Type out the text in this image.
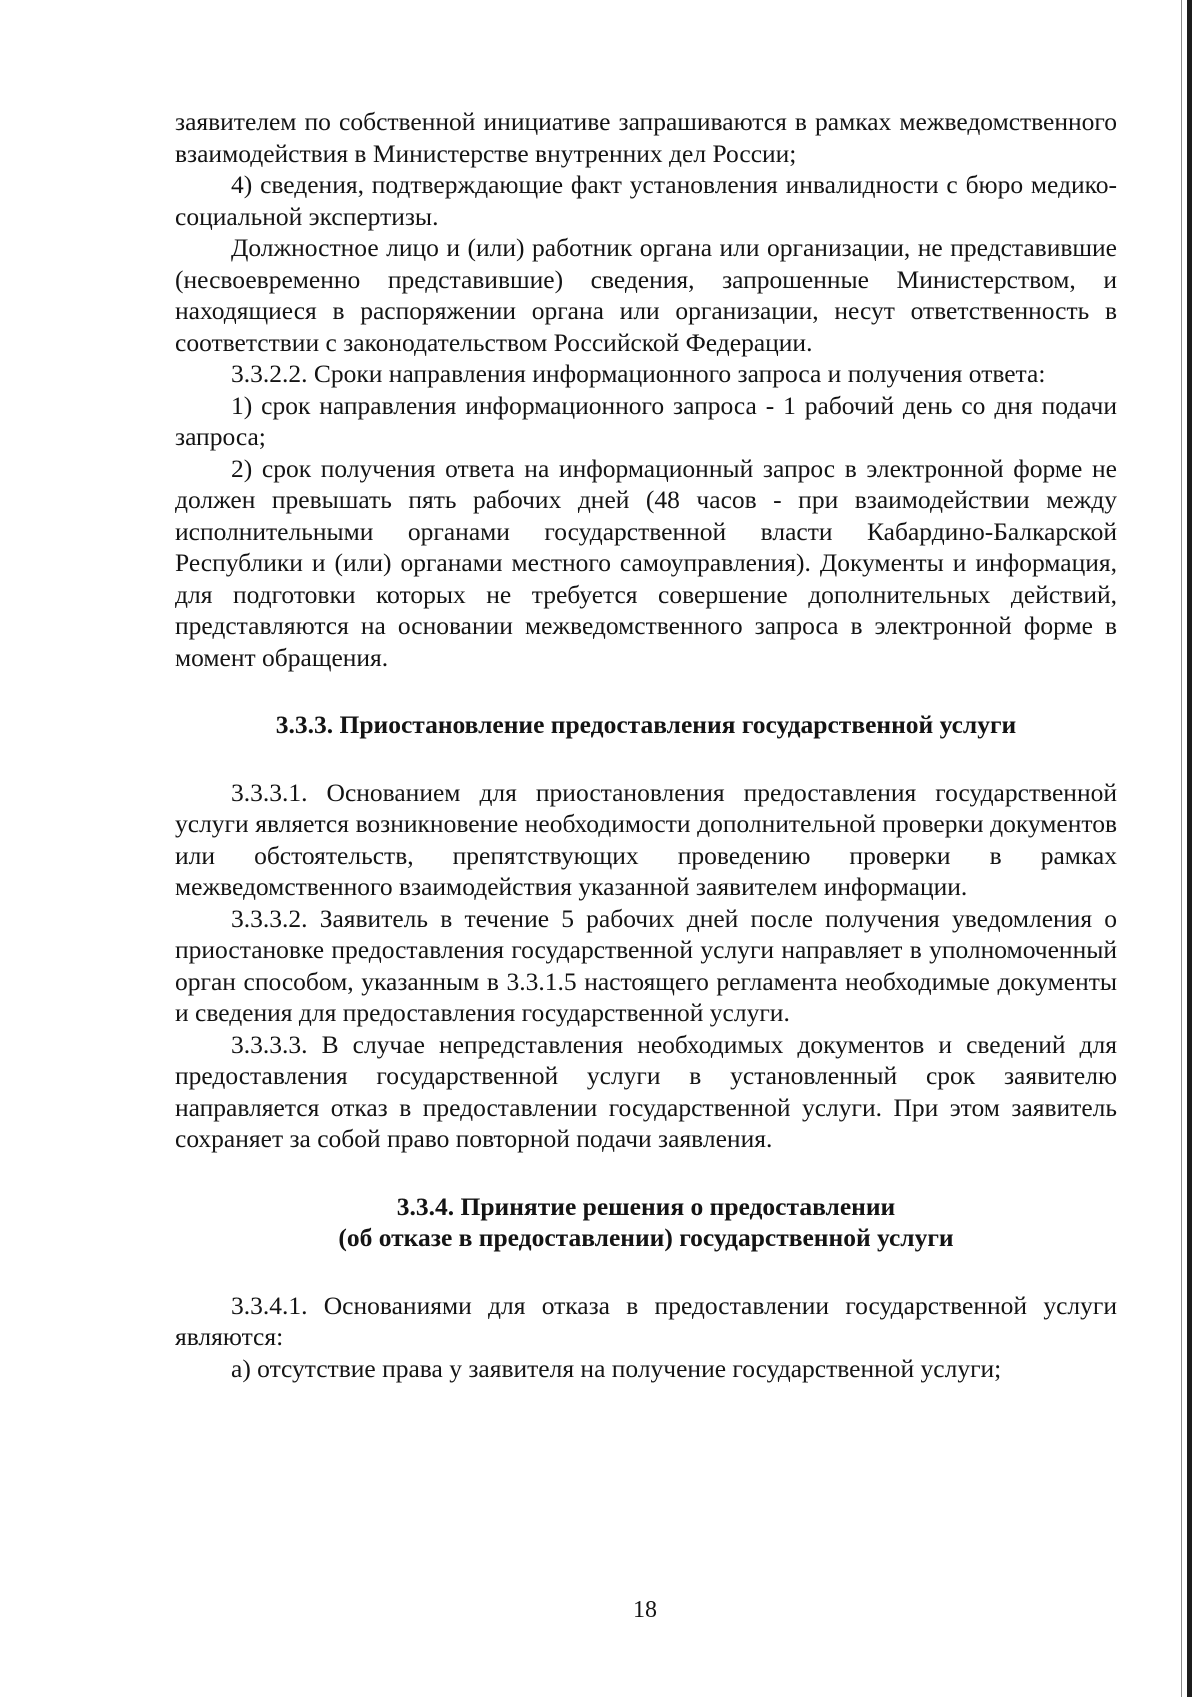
заявителем по собственной инициативе запрашиваются в рамках межведомственного взаимодействия в Министерстве внутренних дел России;

4) сведения, подтверждающие факт установления инвалидности с бюро медико-социальной экспертизы.

Должностное лицо и (или) работник органа или организации, не представившие (несвоевременно представившие) сведения, запрошенные Министерством, и находящиеся в распоряжении органа или организации, несут ответственность в соответствии с законодательством Российской Федерации.

3.3.2.2. Сроки направления информационного запроса и получения ответа:

1) срок направления информационного запроса - 1 рабочий день со дня подачи запроса;

2) срок получения ответа на информационный запрос в электронной форме не должен превышать пять рабочих дней (48 часов - при взаимодействии между исполнительными органами государственной власти Кабардино-Балкарской Республики и (или) органами местного самоуправления). Документы и информация, для подготовки которых не требуется совершение дополнительных действий, представляются на основании межведомственного запроса в электронной форме в момент обращения.

3.3.3. Приостановление предоставления государственной услуги

3.3.3.1. Основанием для приостановления предоставления государственной услуги является возникновение необходимости дополнительной проверки документов или обстоятельств, препятствующих проведению проверки в рамках межведомственного взаимодействия указанной заявителем информации.

3.3.3.2. Заявитель в течение 5 рабочих дней после получения уведомления о приостановке предоставления государственной услуги направляет в уполномоченный орган способом, указанным в 3.3.1.5 настоящего регламента необходимые документы и сведения для предоставления государственной услуги.

3.3.3.3. В случае непредставления необходимых документов и сведений для предоставления государственной услуги в установленный срок заявителю направляется отказ в предоставлении государственной услуги. При этом заявитель сохраняет за собой право повторной подачи заявления.

3.3.4. Принятие решения о предоставлении

(об отказе в предоставлении) государственной услуги

3.3.4.1. Основаниями для отказа в предоставлении государственной услуги являются:

а) отсутствие права у заявителя на получение государственной услуги;

18
